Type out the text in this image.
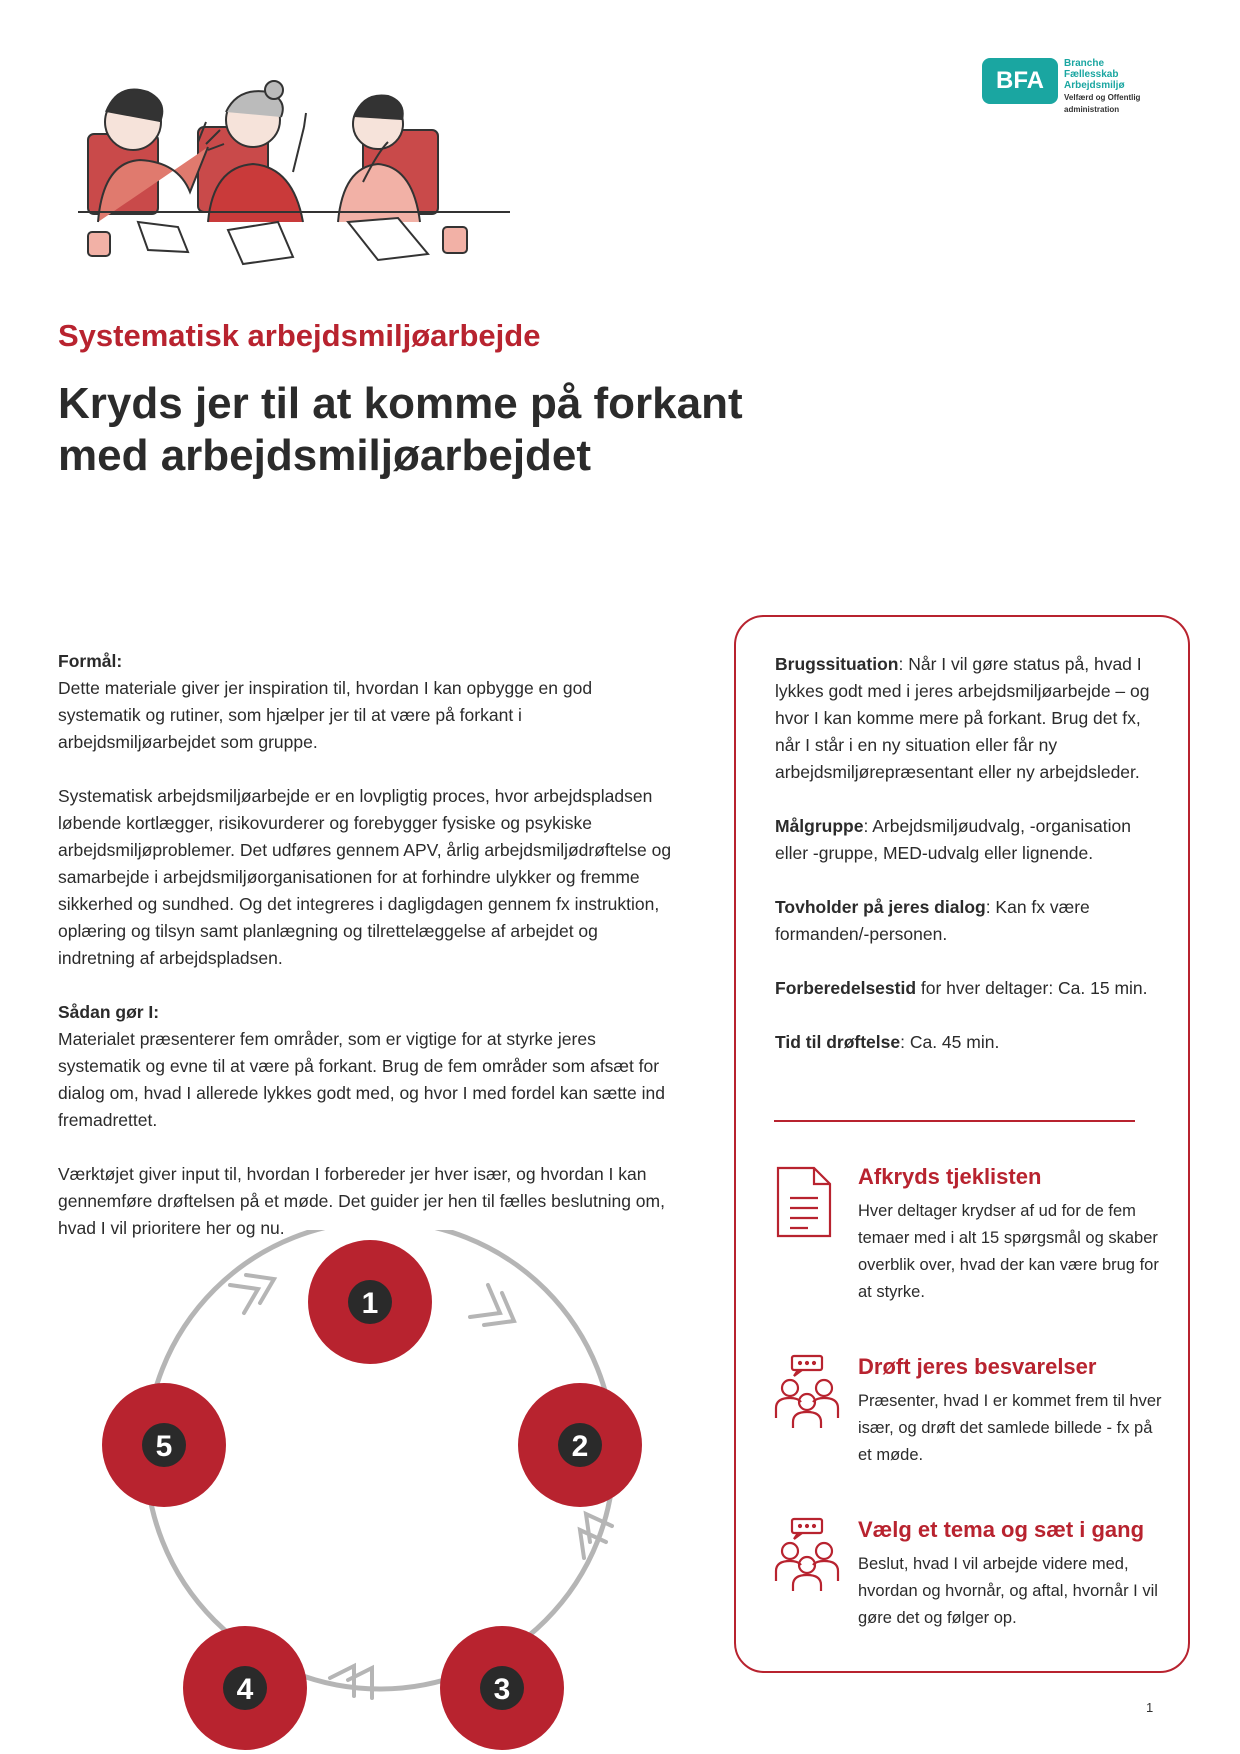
BFA
Branche
Fællesskab
Arbejdsmiljø
Velfærd og Offentlig administration
Systematisk arbejdsmiljøarbejde
Kryds jer til at komme på forkant
med arbejdsmiljøarbejdet

Formål:
Dette materiale giver jer inspiration til, hvordan I kan opbygge en god systematik og rutiner, som hjælper jer til at være på forkant i arbejdsmiljøarbejdet som gruppe.

Systematisk arbejdsmiljøarbejde er en lovpligtig proces, hvor arbejdspladsen løbende kortlægger, risikovurderer og forebygger fysiske og psykiske arbejdsmiljøproblemer. Det udføres gennem APV, årlig arbejdsmiljødrøftelse og samarbejde i arbejdsmiljøorganisationen for at forhindre ulykker og fremme sikkerhed og sundhed. Og det integreres i dagligdagen gennem fx instruktion, oplæring og tilsyn samt planlægning og tilrettelæggelse af arbejdet og indretning af arbejdspladsen.

Sådan gør I:
Materialet præsenterer fem områder, som er vigtige for at styrke jeres systematik og evne til at være på forkant. Brug de fem områder som afsæt for dialog om, hvad I allerede lykkes godt med, og hvor I med fordel kan sætte ind fremadrettet.

Værktøjet giver input til, hvordan I forbereder jer hver især, og hvordan I kan gennemføre drøftelsen på et møde. Det guider jer hen til fælles beslutning om, hvad I vil prioritere her og nu.

Brugssituation: Når I vil gøre status på, hvad I lykkes godt med i jeres arbejdsmiljøarbejde – og hvor I kan komme mere på forkant. Brug det fx, når I står i en ny situation eller får ny arbejdsmiljørepræsentant eller ny arbejdsleder.

Målgruppe: Arbejdsmiljøudvalg, -organisation eller -gruppe, MED-udvalg eller lignende.

Tovholder på jeres dialog: Kan fx være formanden/-personen.

Forberedelsestid for hver deltager: Ca. 15 min.

Tid til drøftelse: Ca. 45 min.

Afkryds tjeklisten

Hver deltager krydser af ud for de fem temaer med i alt 15 spørgsmål og skaber overblik over, hvad der kan være brug for at styrke.

Drøft jeres besvarelser

Præsenter, hvad I er kommet frem til hver især, og drøft det samlede billede - fx på et møde.

Vælg et tema og sæt i gang

Beslut, hvad I vil arbejde videre med, hvordan og hvornår, og aftal, hvornår I vil gøre det og følger op.

1
2
3
4
5
1
